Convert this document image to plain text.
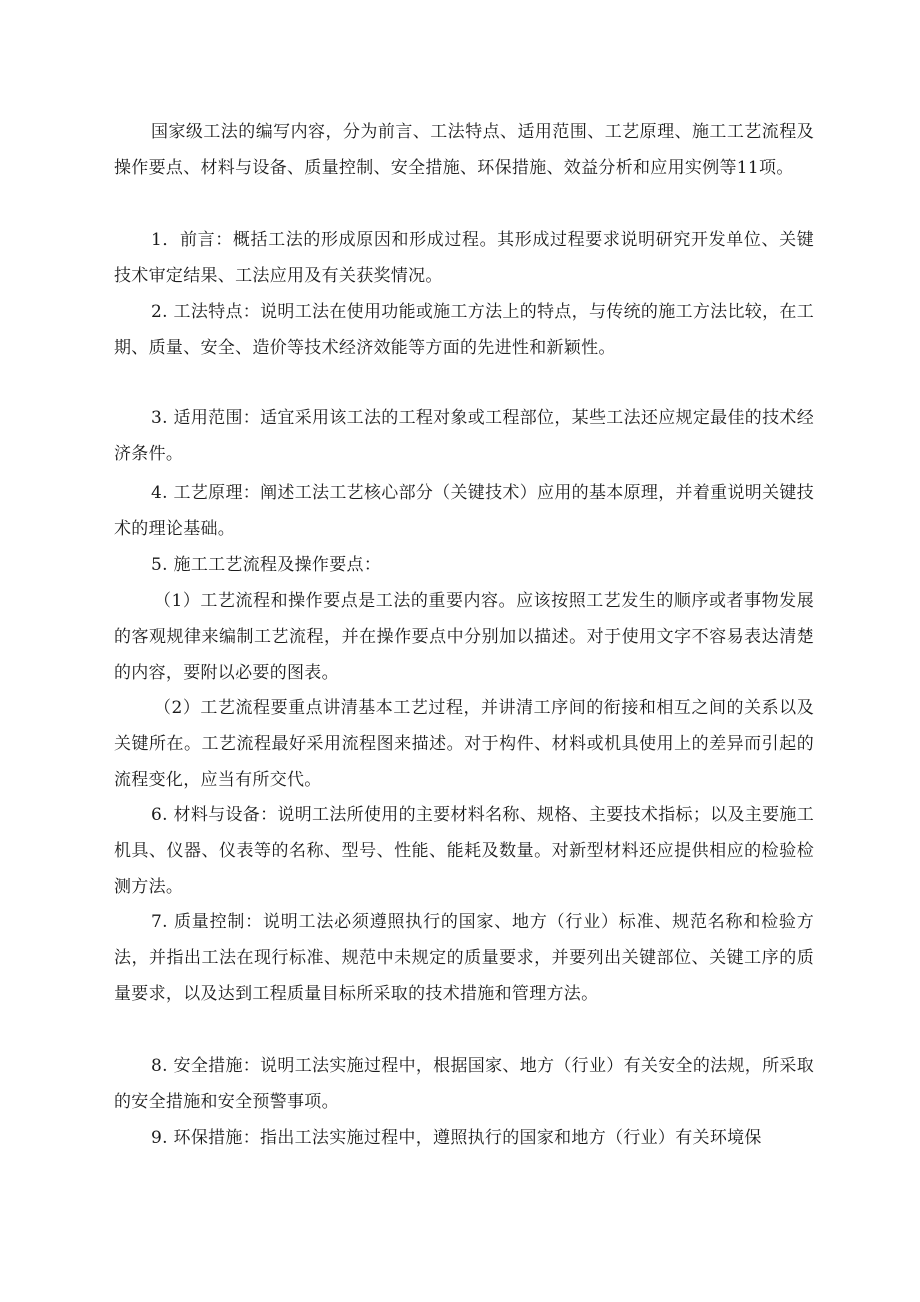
国家级工法的编写内容，分为前言、工法特点、适用范围、工艺原理、施工工艺流程及操作要点、材料与设备、质量控制、安全措施、环保措施、效益分析和应用实例等11项。

1．前言：概括工法的形成原因和形成过程。其形成过程要求说明研究开发单位、关键技术审定结果、工法应用及有关获奖情况。

2. 工法特点：说明工法在使用功能或施工方法上的特点，与传统的施工方法比较，在工期、质量、安全、造价等技术经济效能等方面的先进性和新颖性。

3. 适用范围：适宜采用该工法的工程对象或工程部位，某些工法还应规定最佳的技术经济条件。

4. 工艺原理：阐述工法工艺核心部分（关键技术）应用的基本原理，并着重说明关键技术的理论基础。

5. 施工工艺流程及操作要点：

（1）工艺流程和操作要点是工法的重要内容。应该按照工艺发生的顺序或者事物发展的客观规律来编制工艺流程，并在操作要点中分别加以描述。对于使用文字不容易表达清楚的内容，要附以必要的图表。

（2）工艺流程要重点讲清基本工艺过程，并讲清工序间的衔接和相互之间的关系以及关键所在。工艺流程最好采用流程图来描述。对于构件、材料或机具使用上的差异而引起的流程变化，应当有所交代。

6. 材料与设备：说明工法所使用的主要材料名称、规格、主要技术指标；以及主要施工机具、仪器、仪表等的名称、型号、性能、能耗及数量。对新型材料还应提供相应的检验检测方法。

7. 质量控制：说明工法必须遵照执行的国家、地方（行业）标准、规范名称和检验方法，并指出工法在现行标准、规范中未规定的质量要求，并要列出关键部位、关键工序的质量要求，以及达到工程质量目标所采取的技术措施和管理方法。

8. 安全措施：说明工法实施过程中，根据国家、地方（行业）有关安全的法规，所采取的安全措施和安全预警事项。

9. 环保措施：指出工法实施过程中，遵照执行的国家和地方（行业）有关环境保
